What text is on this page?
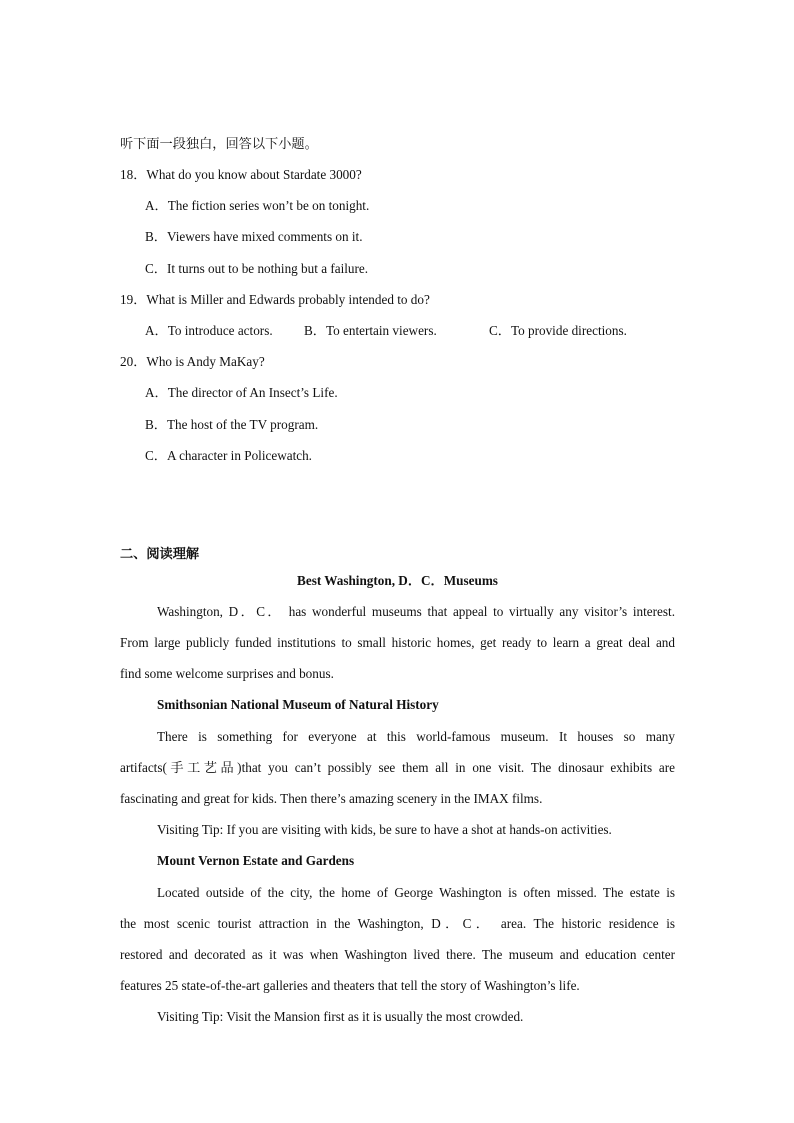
听下面一段独白，回答以下小题。
18．What do you know about Stardate 3000?
A．The fiction series won’t be on tonight.
B．Viewers have mixed comments on it.
C．It turns out to be nothing but a failure.
19．What is Miller and Edwards probably intended to do?
A．To introduce actors. B．To entertain viewers.	C．To provide directions.
20．Who is Andy MaKay?
A．The director of An Insect’s Life.
B．The host of the TV program.
C．A character in Policewatch.
二、阅读理解
Best Washington, D．C．Museums
Washington, D．C． has wonderful museums that appeal to virtually any visitor’s interest.
From large publicly funded institutions to small historic homes, get ready to learn a great deal and
find some welcome surprises and bonus.
Smithsonian National Museum of Natural History
There is something for everyone at this world-famous museum. It houses so many
artifacts(手工艺品)that you can’t possibly see them all in one visit. The dinosaur exhibits are
fascinating and great for kids. Then there’s amazing scenery in the IMAX films.
Visiting Tip: If you are visiting with kids, be sure to have a shot at hands-on activities.
Mount Vernon Estate and Gardens
Located outside of the city, the home of George Washington is often missed. The estate is
the most scenic tourist attraction in the Washington, D．C． area. The historic residence is
restored and decorated as it was when Washington lived there. The museum and education center
features 25 state-of-the-art galleries and theaters that tell the story of Washington’s life.
Visiting Tip: Visit the Mansion first as it is usually the most crowded.
